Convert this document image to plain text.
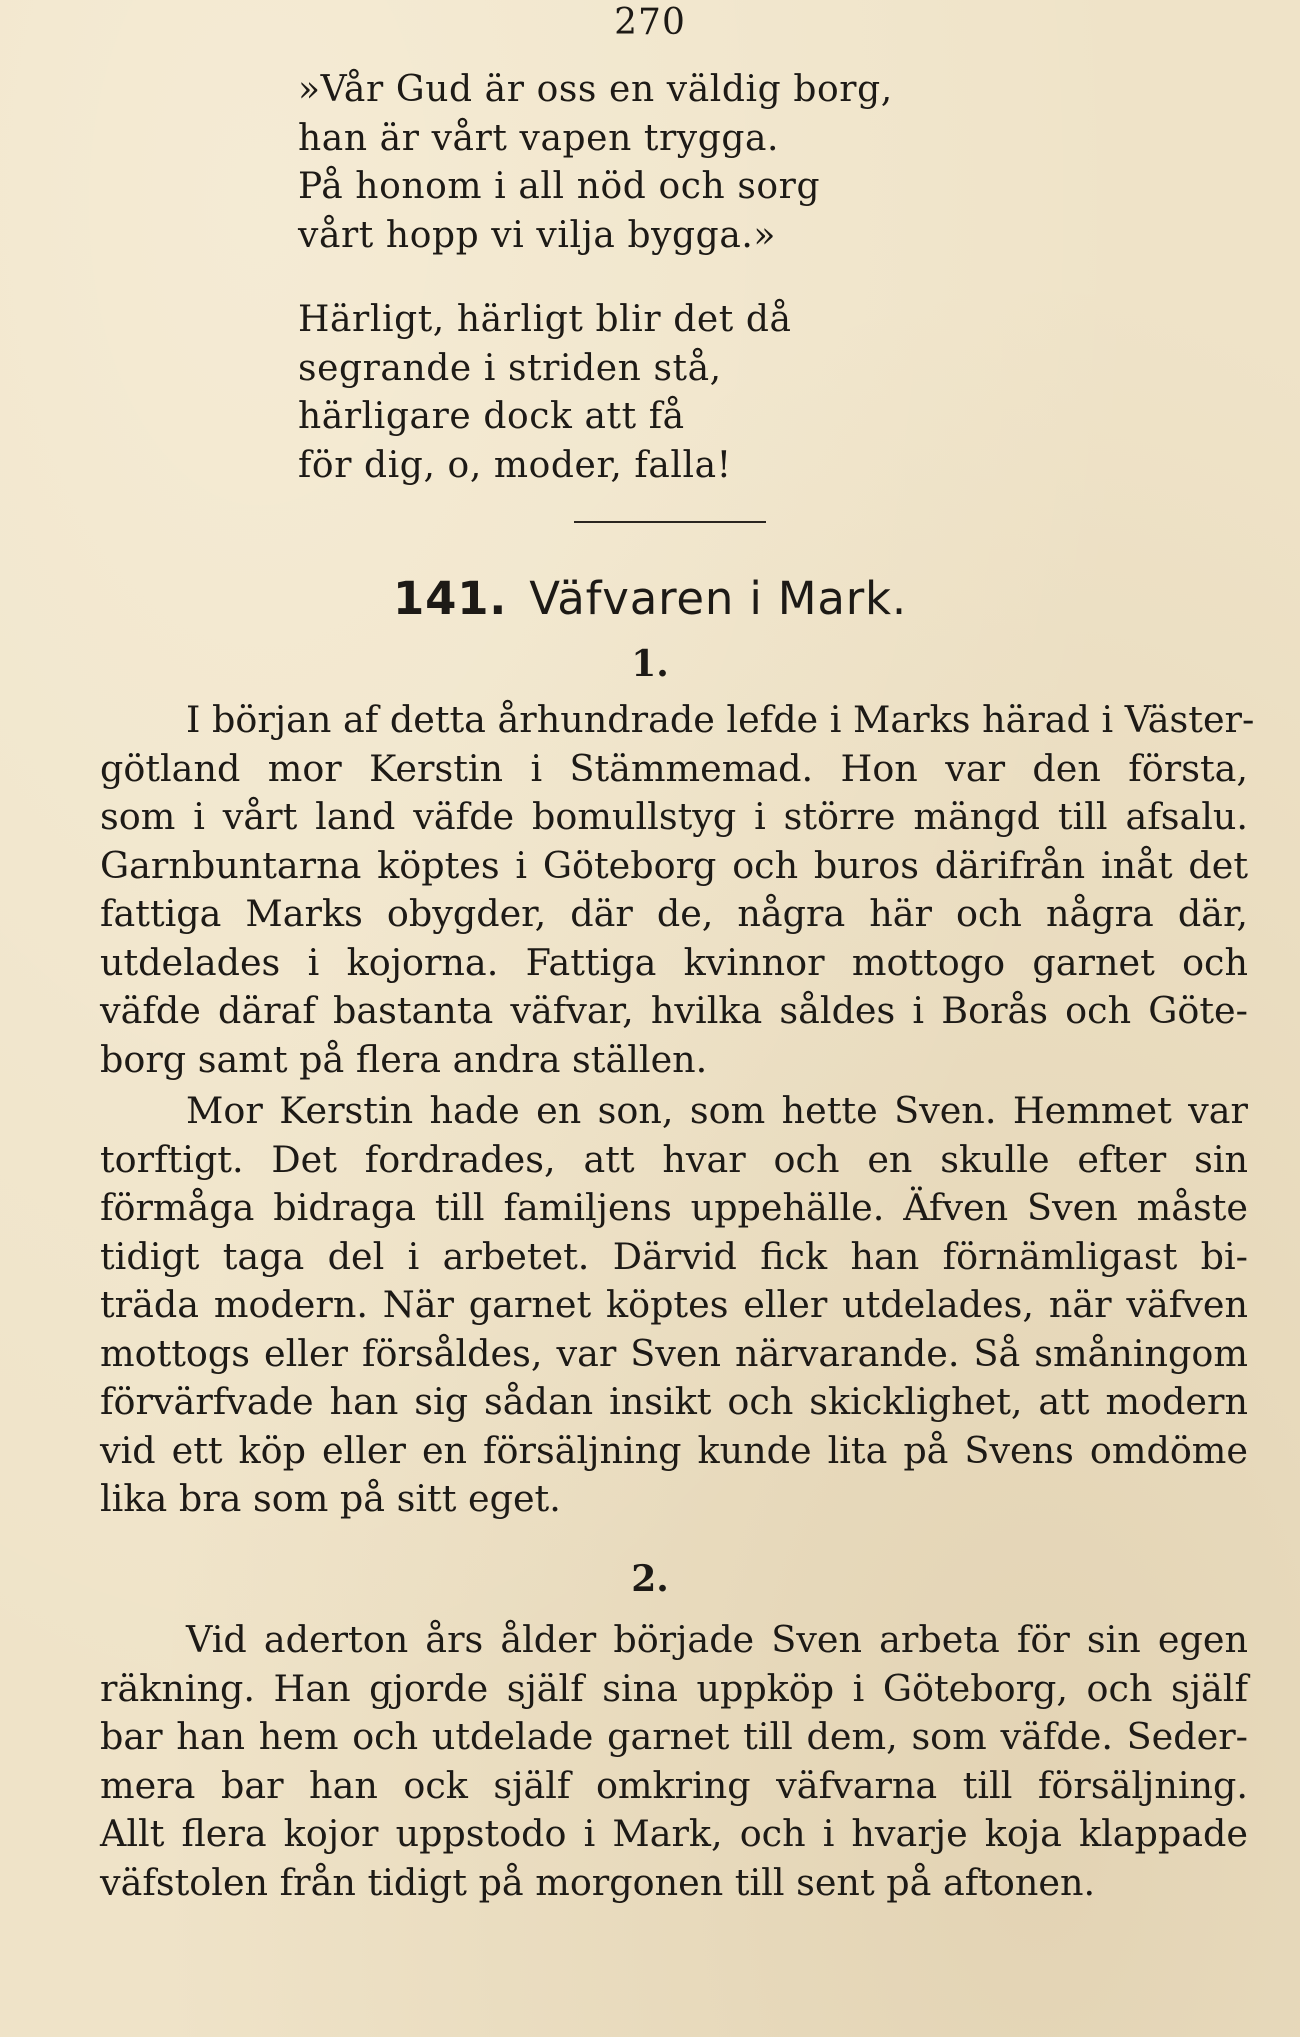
270
»Vår Gud är oss en väldig borg,
han är vårt vapen trygga.
På honom i all nöd och sorg
vårt hopp vi vilja bygga.»
Härligt, härligt blir det då
segrande i striden stå,
härligare dock att få
för dig, o, moder, falla!
141. Väfvaren i Mark.
1.
I början af detta århundrade lefde i Marks härad i Väster-
götland mor Kerstin i Stämmemad. Hon var den första,
som i vårt land väfde bomullstyg i större mängd till afsalu.
Garnbuntarna köptes i Göteborg och buros därifrån inåt det
fattiga Marks obygder, där de, några här och några där,
utdelades i kojorna. Fattiga kvinnor mottogo garnet och
väfde däraf bastanta väfvar, hvilka såldes i Borås och Göte-
borg samt på flera andra ställen.
Mor Kerstin hade en son, som hette Sven. Hemmet var
torftigt. Det fordrades, att hvar och en skulle efter sin
förmåga bidraga till familjens uppehälle. Äfven Sven måste
tidigt taga del i arbetet. Därvid fick han förnämligast bi-
träda modern. När garnet köptes eller utdelades, när väfven
mottogs eller försåldes, var Sven närvarande. Så småningom
förvärfvade han sig sådan insikt och skicklighet, att modern
vid ett köp eller en försäljning kunde lita på Svens omdöme
lika bra som på sitt eget.
2.
Vid aderton års ålder började Sven arbeta för sin egen
räkning. Han gjorde själf sina uppköp i Göteborg, och själf
bar han hem och utdelade garnet till dem, som väfde. Seder-
mera bar han ock själf omkring väfvarna till försäljning.
Allt flera kojor uppstodo i Mark, och i hvarje koja klappade
väfstolen från tidigt på morgonen till sent på aftonen.
